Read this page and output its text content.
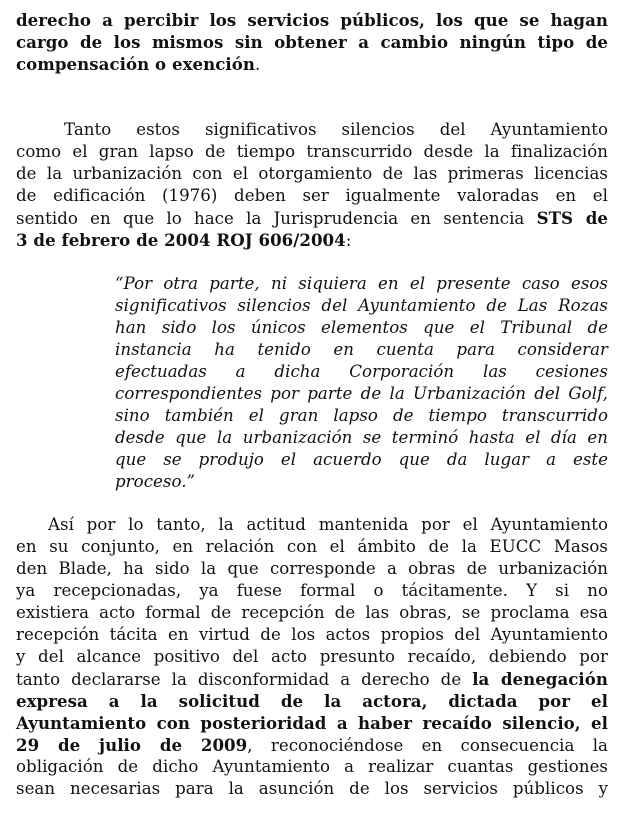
derecho a percibir los servicios públicos, los que se hagan
cargo de los mismos sin obtener a cambio ningún tipo de
compensación o exención.
Tanto estos significativos silencios del Ayuntamiento
como el gran lapso de tiempo transcurrido desde la finalización
de la urbanización con el otorgamiento de las primeras licencias
de edificación (1976) deben ser igualmente valoradas en el
sentido en que lo hace la Jurisprudencia en sentencia STS de
3 de febrero de 2004 ROJ 606/2004:
“Por otra parte, ni siquiera en el presente caso esos
significativos silencios del Ayuntamiento de Las Rozas
han sido los únicos elementos que el Tribunal de
instancia ha tenido en cuenta para considerar
efectuadas a dicha Corporación las cesiones
correspondientes por parte de la Urbanización del Golf,
sino también el gran lapso de tiempo transcurrido
desde que la urbanización se terminó hasta el día en
que se produjo el acuerdo que da lugar a este
proceso.”
Así por lo tanto, la actitud mantenida por el Ayuntamiento
en su conjunto, en relación con el ámbito de la EUCC Masos
den Blade, ha sido la que corresponde a obras de urbanización
ya recepcionadas, ya fuese formal o tácitamente. Y si no
existiera acto formal de recepción de las obras, se proclama esa
recepción tácita en virtud de los actos propios del Ayuntamiento
y del alcance positivo del acto presunto recaído, debiendo por
tanto declararse la disconformidad a derecho de la denegación
expresa a la solicitud de la actora, dictada por el
Ayuntamiento con posterioridad a haber recaído silencio, el
29 de julio de 2009, reconociéndose en consecuencia la
obligación de dicho Ayuntamiento a realizar cuantas gestiones
sean necesarias para la asunción de los servicios públicos y
